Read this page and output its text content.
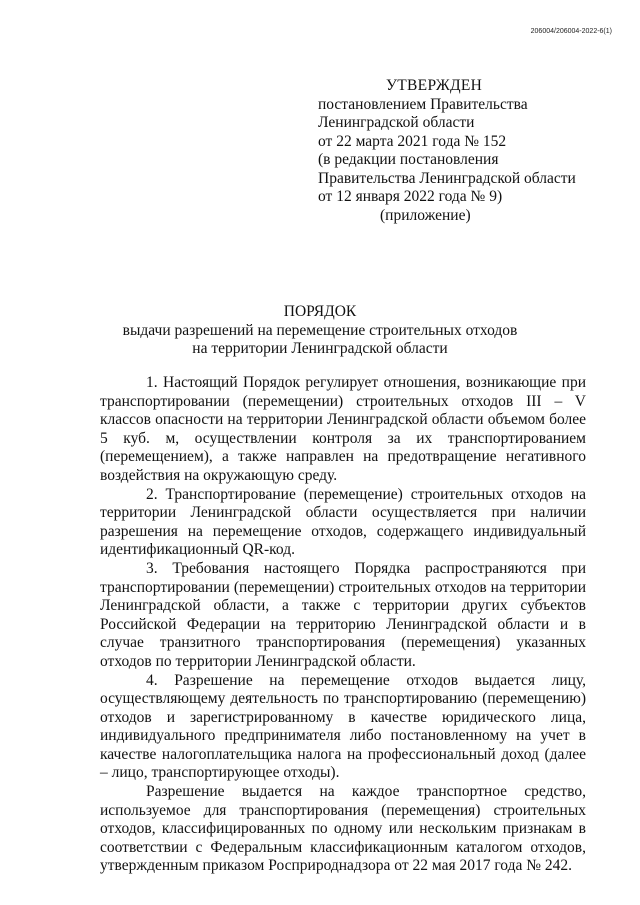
206004/206004-2022-6(1)
УТВЕРЖДЕН
постановлением Правительства
Ленинградской области
от 22 марта 2021 года № 152
(в редакции постановления
Правительства Ленинградской области
от 12 января 2022 года № 9)
(приложение)
ПОРЯДОК
выдачи разрешений на перемещение строительных отходов
на территории Ленинградской области

1. Настоящий Порядок регулирует отношения, возникающие при транспортировании (перемещении) строительных отходов III – V классов опасности на территории Ленинградской области объемом более 5 куб. м, осуществлении контроля за их транспортированием (перемещением), а также направлен на предотвращение негативного воздействия на окружающую среду.

2. Транспортирование (перемещение) строительных отходов на территории Ленинградской области осуществляется при наличии разрешения на перемещение отходов, содержащего индивидуальный идентификационный QR-код.

3. Требования настоящего Порядка распространяются при транспортировании (перемещении) строительных отходов на территории Ленинградской области, а также с территории других субъектов Российской Федерации на территорию Ленинградской области и в случае транзитного транспортирования (перемещения) указанных отходов по территории Ленинградской области.

4. Разрешение на перемещение отходов выдается лицу, осуществляющему деятельность по транспортированию (перемещению) отходов и зарегистрированному в качестве юридического лица, индивидуального предпринимателя либо постановленному на учет в качестве налогоплательщика налога на профессиональный доход (далее – лицо, транспортирующее отходы).

Разрешение выдается на каждое транспортное средство, используемое для транспортирования (перемещения) строительных отходов, классифицированных по одному или нескольким признакам в соответствии с Федеральным классификационным каталогом отходов, утвержденным приказом Росприроднадзора от 22 мая 2017 года № 242.
